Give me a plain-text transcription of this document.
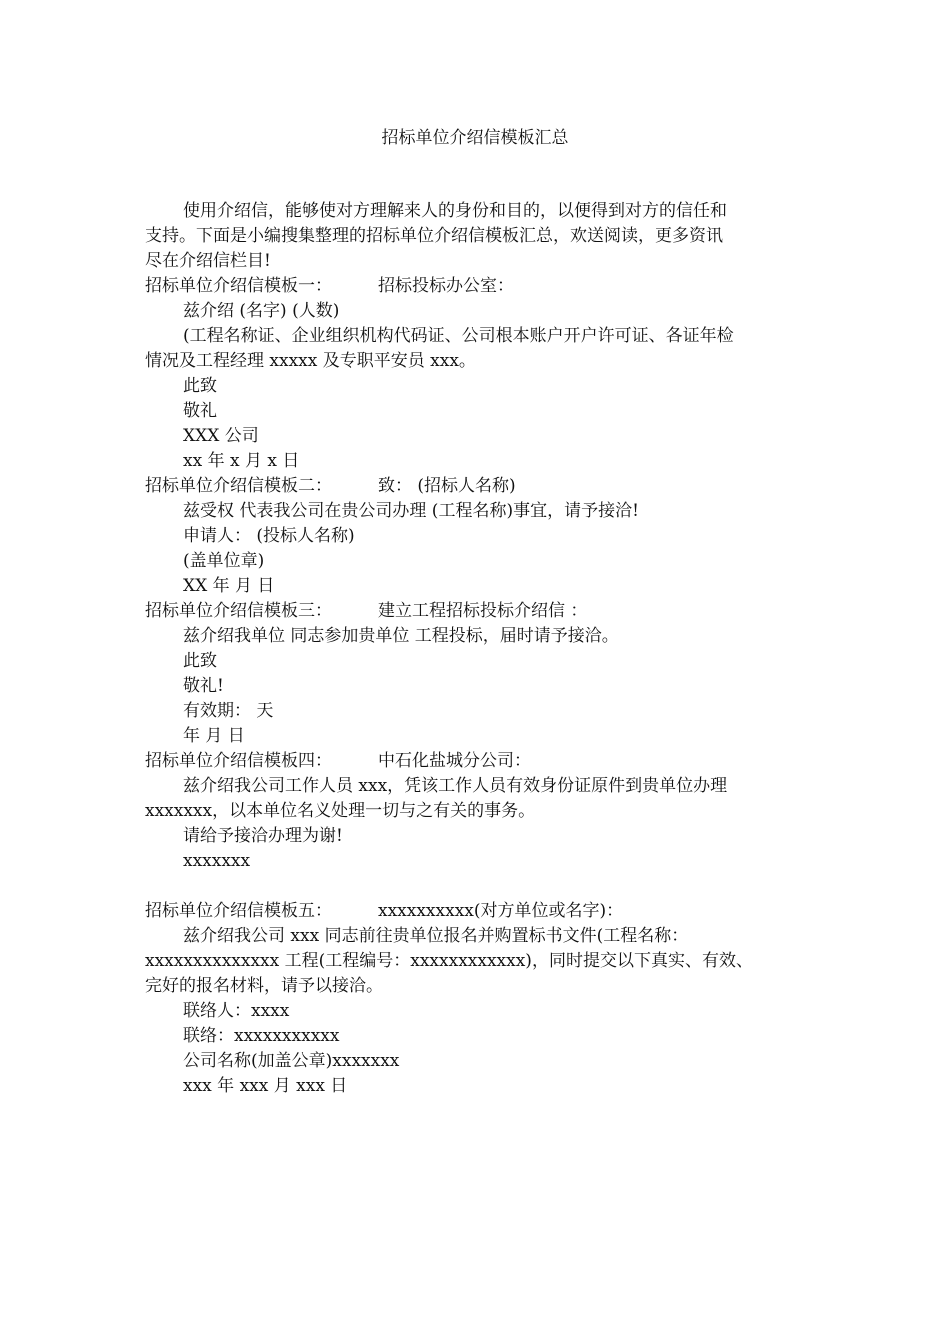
招标单位介绍信模板汇总
使用介绍信，能够使对方理解来人的身份和目的，以便得到对方的信任和
支持。下面是小编搜集整理的招标单位介绍信模板汇总，欢送阅读，更多资讯
尽在介绍信栏目!
招标单位介绍信模板一：	招标投标办公室：
兹介绍 (名字) (人数)
(工程名称证、企业组织机构代码证、公司根本账户开户许可证、各证年检
情况及工程经理 xxxxx 及专职平安员 xxx。
此致
敬礼
XXX 公司
xx 年 x 月 x 日
招标单位介绍信模板二：	致： (招标人名称)
兹受权 代表我公司在贵公司办理 (工程名称)事宜，请予接洽!
申请人： (投标人名称)
(盖单位章)
XX 年 月 日
招标单位介绍信模板三：	建立工程招标投标介绍信 ：
兹介绍我单位 同志参加贵单位 工程投标，届时请予接洽。
此致
敬礼!
有效期： 天
年 月 日
招标单位介绍信模板四：	中石化盐城分公司：
兹介绍我公司工作人员 xxx，凭该工作人员有效身份证原件到贵单位办理
xxxxxxx，以本单位名义处理一切与之有关的事务。
请给予接洽办理为谢!
xxxxxxx
招标单位介绍信模板五：	xxxxxxxxxx(对方单位或名字)：
兹介绍我公司 xxx 同志前往贵单位报名并购置标书文件(工程名称：
xxxxxxxxxxxxxx 工程(工程编号：xxxxxxxxxxxx)，同时提交以下真实、有效、
完好的报名材料，请予以接洽。
联络人：xxxx
联络：xxxxxxxxxxx
公司名称(加盖公章)xxxxxxx
xxx 年 xxx 月 xxx 日
